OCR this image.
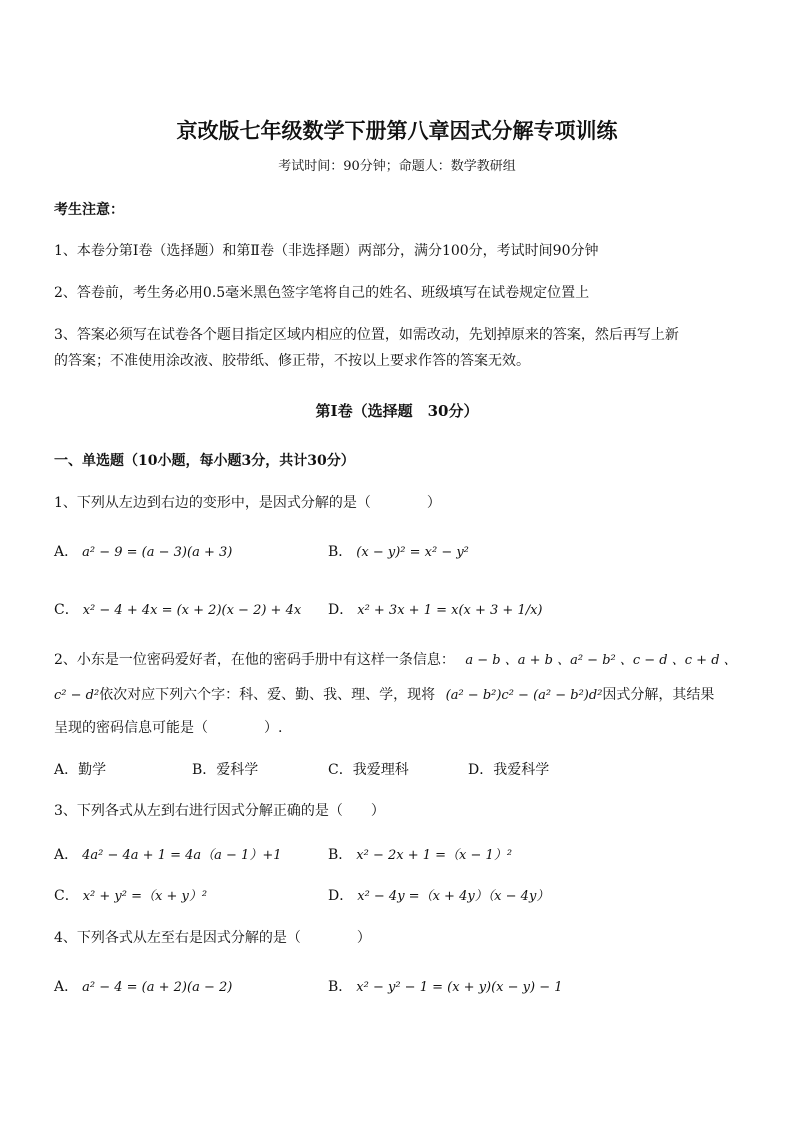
京改版七年级数学下册第八章因式分解专项训练
考试时间：90分钟；命题人：数学教研组
考生注意：
1、本卷分第Ⅰ卷（选择题）和第Ⅱ卷（非选择题）两部分，满分100分，考试时间90分钟
2、答卷前，考生务必用0.5毫米黑色签字笔将自己的姓名、班级填写在试卷规定位置上
3、答案必须写在试卷各个题目指定区域内相应的位置，如需改动，先划掉原来的答案，然后再写上新
的答案；不准使用涂改液、胶带纸、修正带，不按以上要求作答的答案无效。
第Ⅰ卷（选择题　30分）
一、单选题（10小题，每小题3分，共计30分）
1、下列从左边到右边的变形中，是因式分解的是（　　　　）
A． a² − 9 = (a − 3)(a + 3)	B． (x − y)² = x² − y²
C． x² − 4 + 4x = (x + 2)(x − 2) + 4x D． x² + 3x + 1 = x(x + 3 + 1/x)
2、小东是一位密码爱好者，在他的密码手册中有这样一条信息： a − b 、a + b 、a² − b² 、c − d 、c + d 、
c² − d²依次对应下列六个字：科、爱、勤、我、理、学，现将 (a² − b²)c² − (a² − b²)d²因式分解，其结果
呈现的密码信息可能是（　　　　）.
A．勤学	B．爱科学	C．我爱理科	D．我爱科学
3、下列各式从左到右进行因式分解正确的是（　　）
A． 4a² − 4a + 1 = 4a（a − 1）+1	B． x² − 2x + 1 =（x − 1）²
C． x² + y² =（x + y）²	D． x² − 4y =（x + 4y）（x − 4y）
4、下列各式从左至右是因式分解的是（　　　　）
A． a² − 4 = (a + 2)(a − 2)	B． x² − y² − 1 = (x + y)(x − y) − 1
